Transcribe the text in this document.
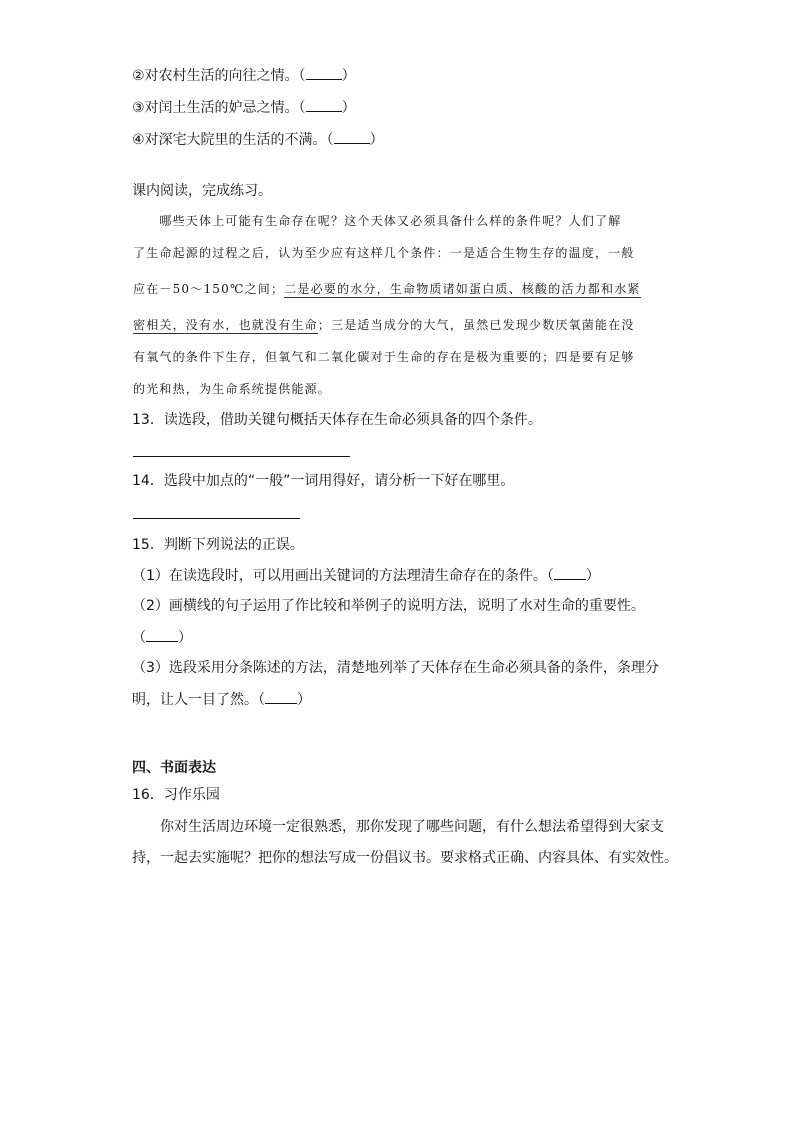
②对农村生活的向往之情。（	）
③对闰土生活的妒忌之情。（	）
④对深宅大院里的生活的不满。（	）
课内阅读，完成练习。
　　哪些天体上可能有生命存在呢？这个天体又必须具备什么样的条件呢？人们了解
了生命起源的过程之后，认为至少应有这样几个条件：一是适合生物生存的温度，一般
应在－50～150℃之间；二是必要的水分，生命物质诸如蛋白质、核酸的活力都和水紧
密相关，没有水，也就没有生命；三是适当成分的大气，虽然已发现少数厌氧菌能在没
有氧气的条件下生存，但氧气和二氧化碳对于生命的存在是极为重要的；四是要有足够
的光和热，为生命系统提供能源。
13．读选段，借助关键句概括天体存在生命必须具备的四个条件。
14．选段中加点的“一般”一词用得好，请分析一下好在哪里。
15．判断下列说法的正误。
（1）在读选段时，可以用画出关键词的方法理清生命存在的条件。（ ）
（2）画横线的句子运用了作比较和举例子的说明方法，说明了水对生命的重要性。
（ ）
（3）选段采用分条陈述的方法，清楚地列举了天体存在生命必须具备的条件，条理分
明，让人一目了然。（ ）
四、书面表达
16．习作乐园
　　你对生活周边环境一定很熟悉，那你发现了哪些问题，有什么想法希望得到大家支
持，一起去实施呢？把你的想法写成一份倡议书。要求格式正确、内容具体、有实效性。
